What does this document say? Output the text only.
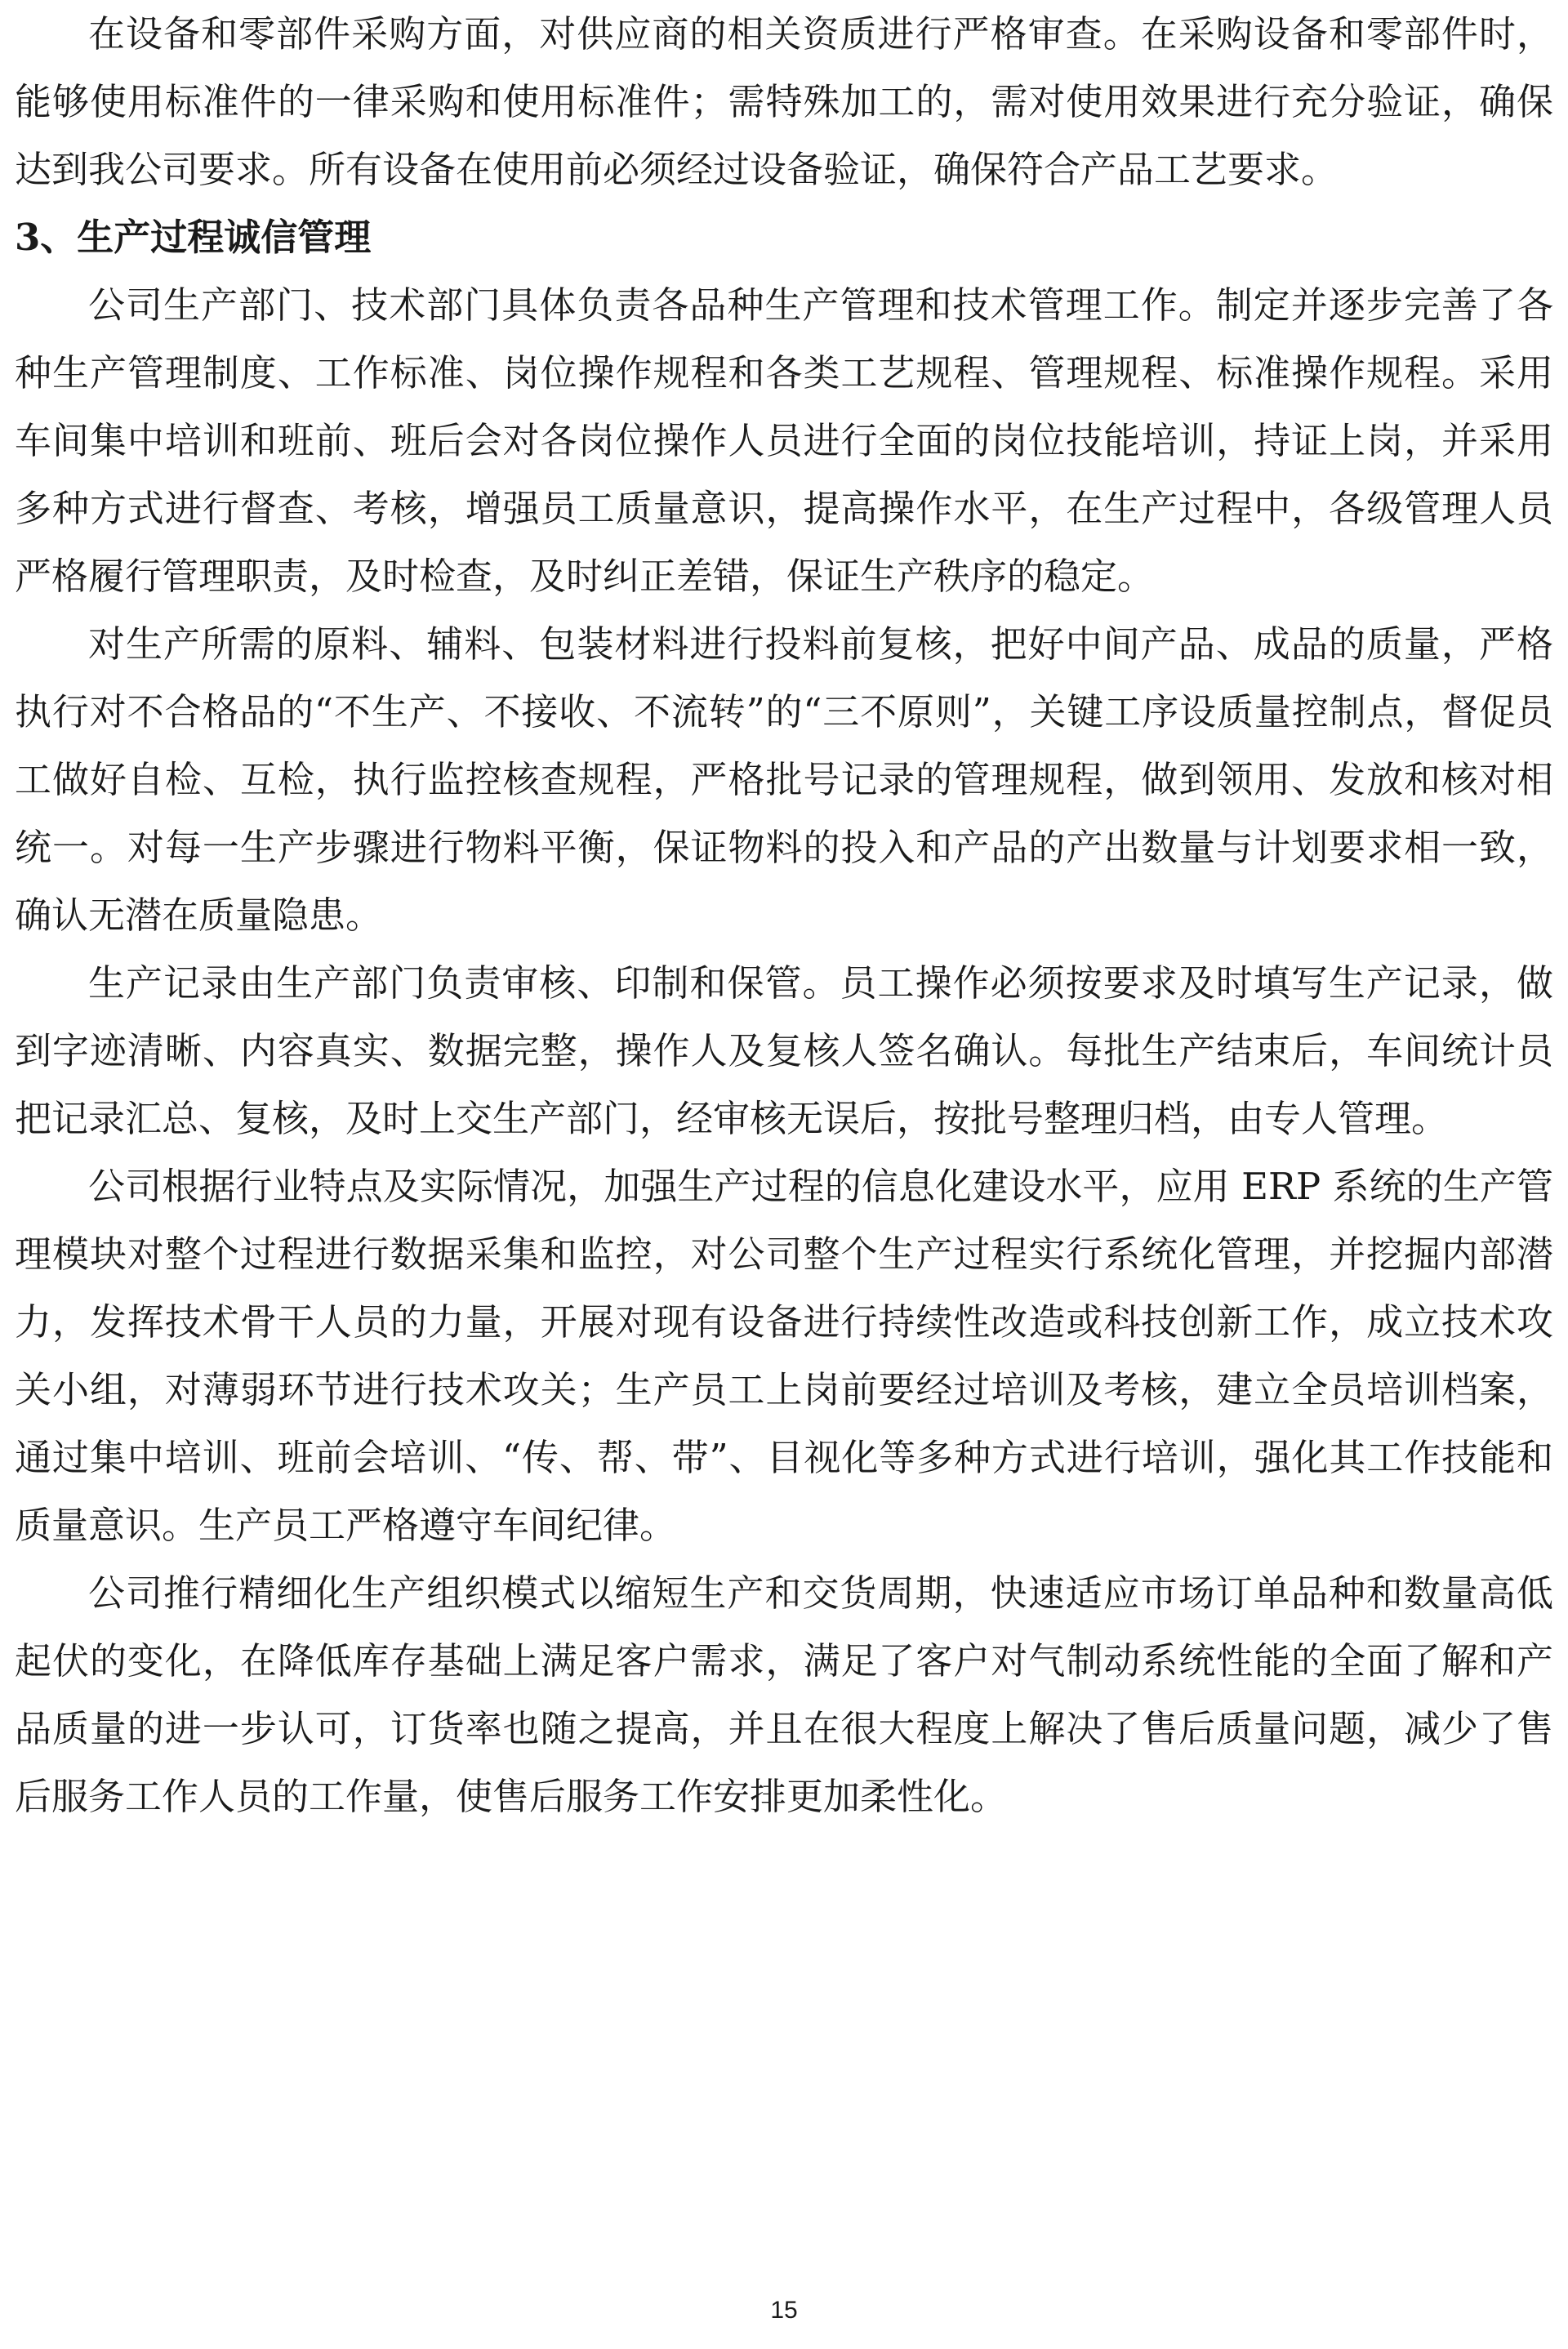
在设备和零部件采购方面，对供应商的相关资质进行严格审查。在采购设备和零部件时，能够使用标准件的一律采购和使用标准件；需特殊加工的，需对使用效果进行充分验证，确保达到我公司要求。所有设备在使用前必须经过设备验证，确保符合产品工艺要求。

3、生产过程诚信管理

公司生产部门、技术部门具体负责各品种生产管理和技术管理工作。制定并逐步完善了各种生产管理制度、工作标准、岗位操作规程和各类工艺规程、管理规程、标准操作规程。采用车间集中培训和班前、班后会对各岗位操作人员进行全面的岗位技能培训，持证上岗，并采用多种方式进行督查、考核，增强员工质量意识，提高操作水平，在生产过程中，各级管理人员严格履行管理职责，及时检查，及时纠正差错，保证生产秩序的稳定。

对生产所需的原料、辅料、包装材料进行投料前复核，把好中间产品、成品的质量，严格执行对不合格品的“不生产、不接收、不流转”的“三不原则”，关键工序设质量控制点，督促员工做好自检、互检，执行监控核查规程，严格批号记录的管理规程，做到领用、发放和核对相统一。对每一生产步骤进行物料平衡，保证物料的投入和产品的产出数量与计划要求相一致，确认无潜在质量隐患。

生产记录由生产部门负责审核、印制和保管。员工操作必须按要求及时填写生产记录，做到字迹清晰、内容真实、数据完整，操作人及复核人签名确认。每批生产结束后，车间统计员把记录汇总、复核，及时上交生产部门，经审核无误后，按批号整理归档，由专人管理。

公司根据行业特点及实际情况，加强生产过程的信息化建设水平，应用 ERP 系统的生产管理模块对整个过程进行数据采集和监控，对公司整个生产过程实行系统化管理，并挖掘内部潜力，发挥技术骨干人员的力量，开展对现有设备进行持续性改造或科技创新工作，成立技术攻关小组，对薄弱环节进行技术攻关；生产员工上岗前要经过培训及考核，建立全员培训档案，通过集中培训、班前会培训、“传、帮、带”、目视化等多种方式进行培训，强化其工作技能和质量意识。生产员工严格遵守车间纪律。

公司推行精细化生产组织模式以缩短生产和交货周期，快速适应市场订单品种和数量高低起伏的变化，在降低库存基础上满足客户需求，满足了客户对气制动系统性能的全面了解和产品质量的进一步认可，订货率也随之提高，并且在很大程度上解决了售后质量问题，减少了售后服务工作人员的工作量，使售后服务工作安排更加柔性化。

15
